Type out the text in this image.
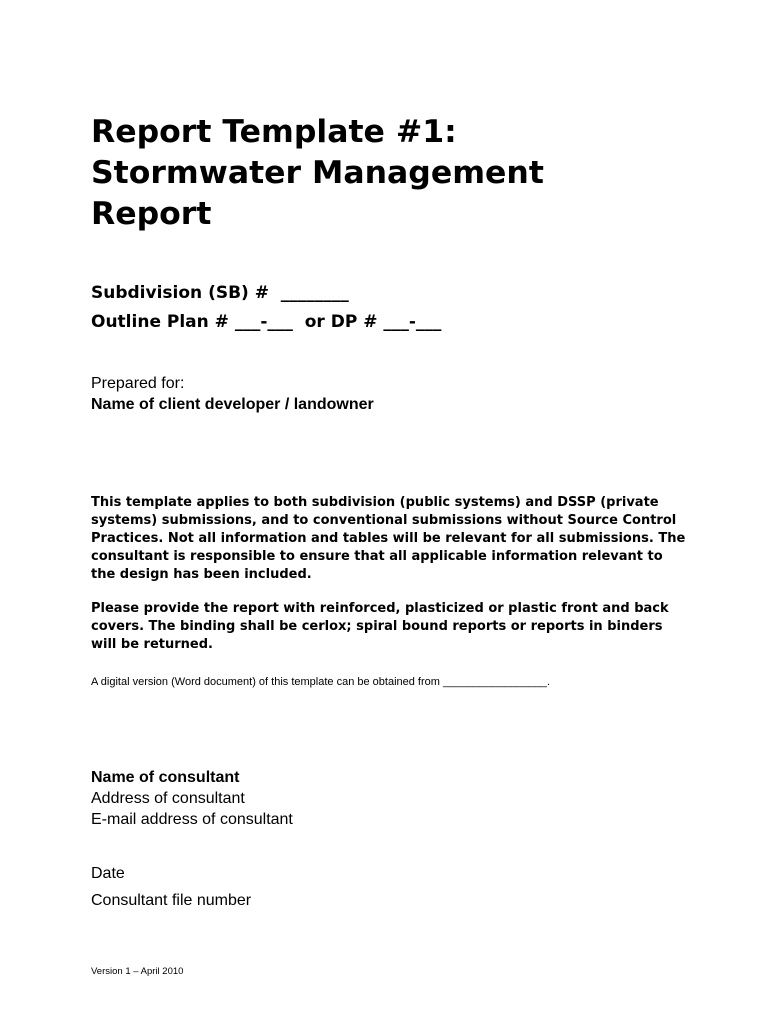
Report Template #1:
Stormwater Management
Report
Subdivision (SB) #  ________
Outline Plan # ___-___  or DP # ___-___
Prepared for:
Name of client developer / landowner

This template applies to both subdivision (public systems) and DSSP (private systems) submissions, and to conventional submissions without Source Control Practices. Not all information and tables will be relevant for all submissions. The consultant is responsible to ensure that all applicable information relevant to the design has been included.

Please provide the report with reinforced, plasticized or plastic front and back covers. The binding shall be cerlox; spiral bound reports or reports in binders will be returned.

A digital version (Word document) of this template can be obtained from _________________.
Name of consultant
Address of consultant
E-mail address of consultant
Date
Consultant file number
Version 1 – April 2010
